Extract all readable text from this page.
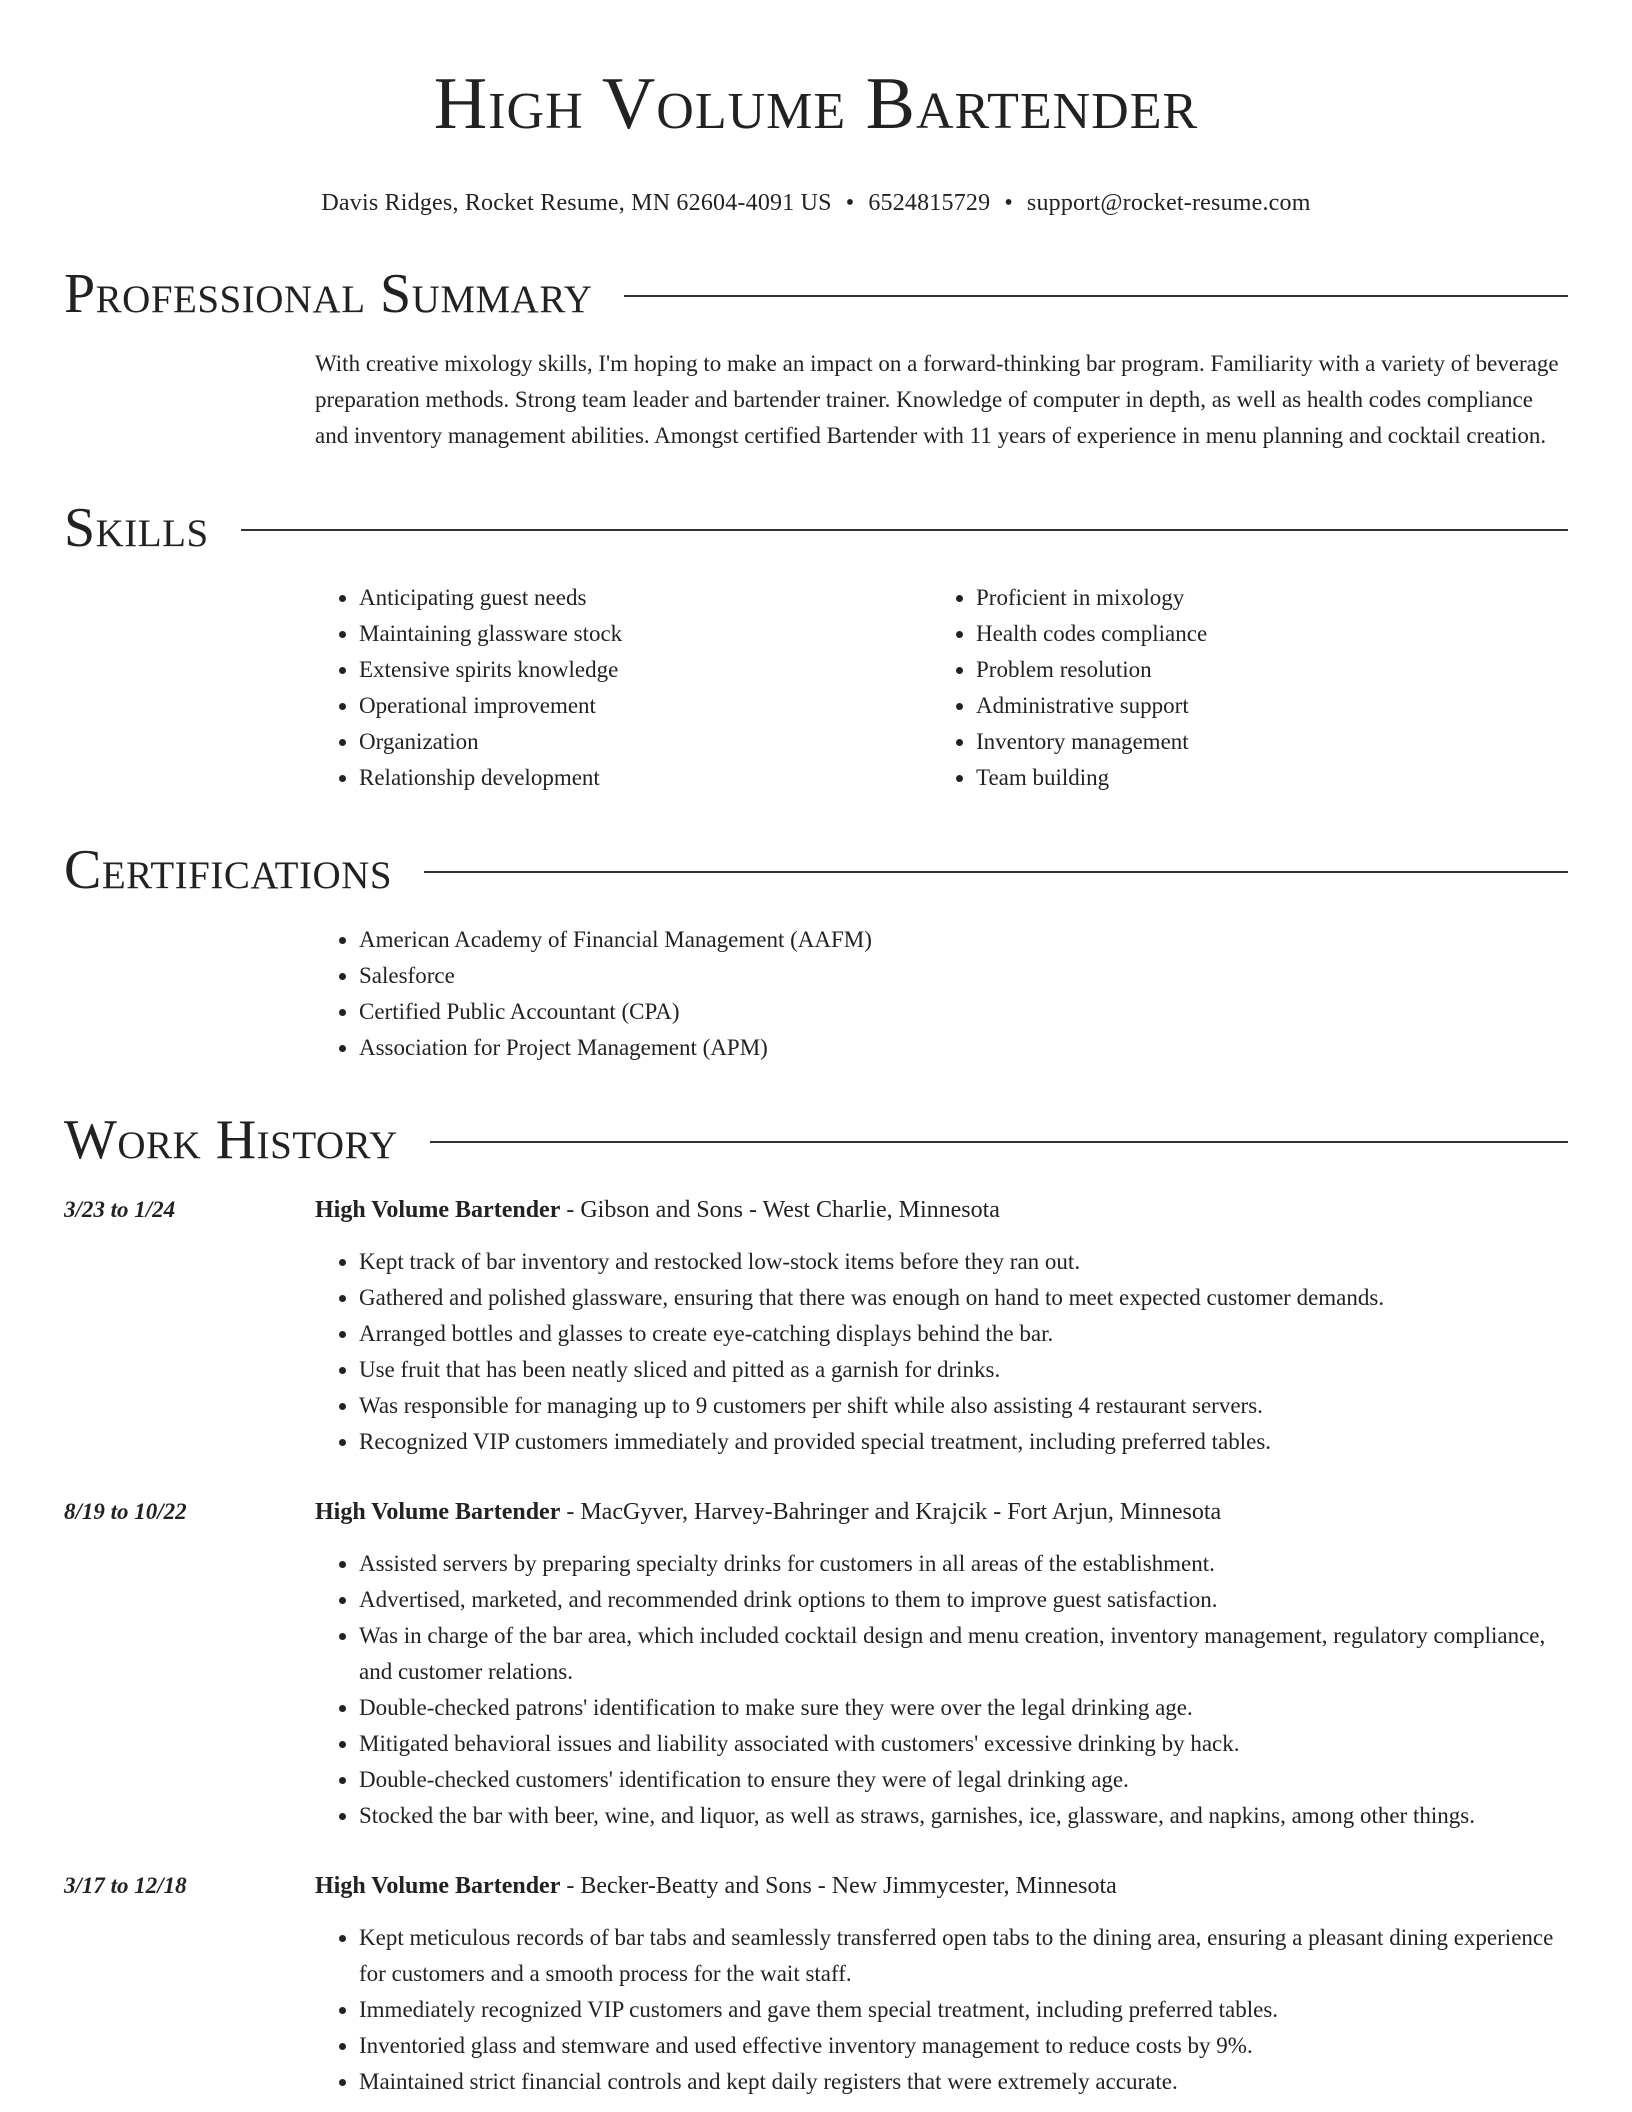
High Volume Bartender
Davis Ridges, Rocket Resume, MN 62604-4091 US • 6524815729 • support@rocket-resume.com
Professional Summary
With creative mixology skills, I'm hoping to make an impact on a forward-thinking bar program. Familiarity with a variety of beverage preparation methods. Strong team leader and bartender trainer. Knowledge of computer in depth, as well as health codes compliance and inventory management abilities. Amongst certified Bartender with 11 years of experience in menu planning and cocktail creation.
Skills
• Anticipating guest needs
• Maintaining glassware stock
• Extensive spirits knowledge
• Operational improvement
• Organization
• Relationship development
• Proficient in mixology
• Health codes compliance
• Problem resolution
• Administrative support
• Inventory management
• Team building
Certifications
• American Academy of Financial Management (AAFM)
• Salesforce
• Certified Public Accountant (CPA)
• Association for Project Management (APM)
Work History
3/23 to 1/24	High Volume Bartender - Gibson and Sons - West Charlie, Minnesota
• Kept track of bar inventory and restocked low-stock items before they ran out.
• Gathered and polished glassware, ensuring that there was enough on hand to meet expected customer demands.
• Arranged bottles and glasses to create eye-catching displays behind the bar.
• Use fruit that has been neatly sliced and pitted as a garnish for drinks.
• Was responsible for managing up to 9 customers per shift while also assisting 4 restaurant servers.
• Recognized VIP customers immediately and provided special treatment, including preferred tables.
8/19 to 10/22	High Volume Bartender - MacGyver, Harvey-Bahringer and Krajcik - Fort Arjun, Minnesota
• Assisted servers by preparing specialty drinks for customers in all areas of the establishment.
• Advertised, marketed, and recommended drink options to them to improve guest satisfaction.
• Was in charge of the bar area, which included cocktail design and menu creation, inventory management, regulatory compliance, and customer relations.
• Double-checked patrons' identification to make sure they were over the legal drinking age.
• Mitigated behavioral issues and liability associated with customers' excessive drinking by hack.
• Double-checked customers' identification to ensure they were of legal drinking age.
• Stocked the bar with beer, wine, and liquor, as well as straws, garnishes, ice, glassware, and napkins, among other things.
3/17 to 12/18	High Volume Bartender - Becker-Beatty and Sons - New Jimmycester, Minnesota
• Kept meticulous records of bar tabs and seamlessly transferred open tabs to the dining area, ensuring a pleasant dining experience for customers and a smooth process for the wait staff.
• Immediately recognized VIP customers and gave them special treatment, including preferred tables.
• Inventoried glass and stemware and used effective inventory management to reduce costs by 9%.
• Maintained strict financial controls and kept daily registers that were extremely accurate.
